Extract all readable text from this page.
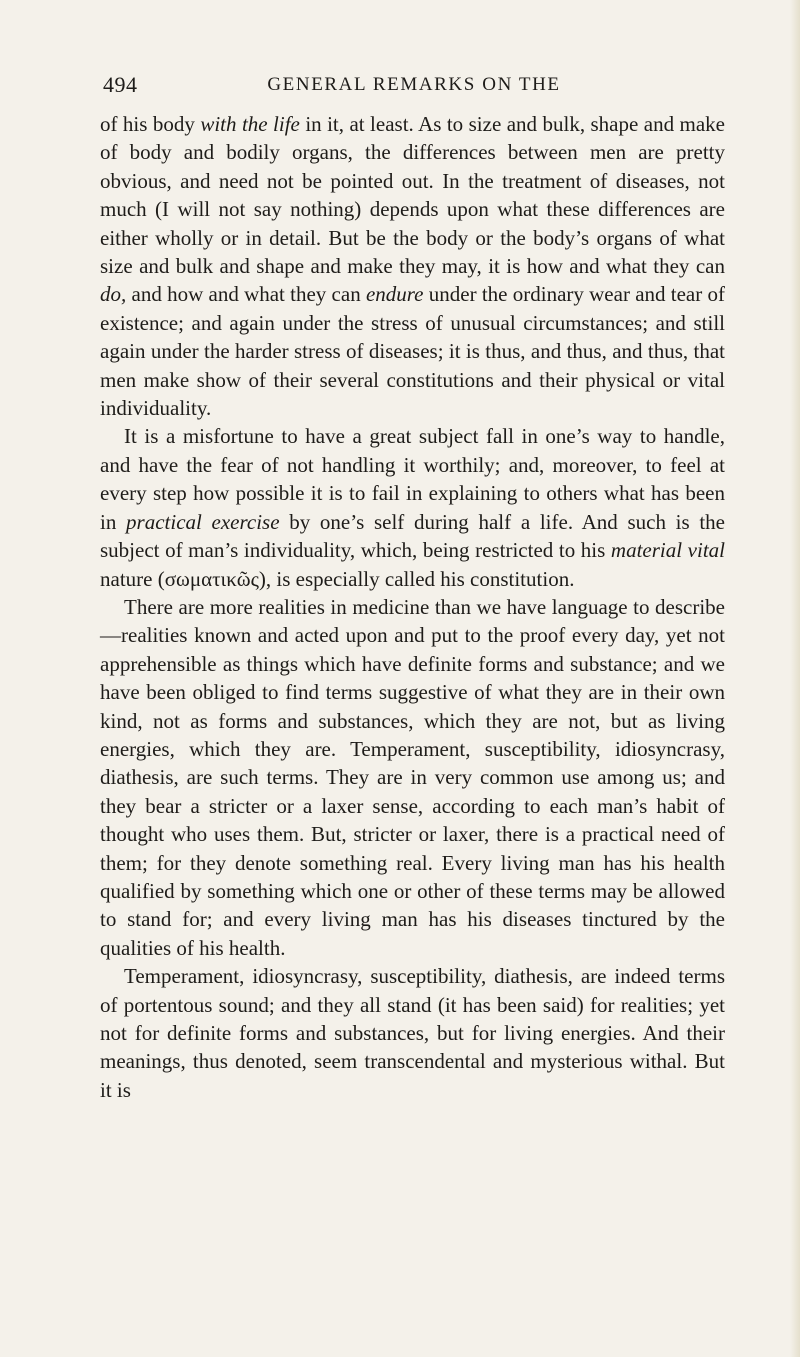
494	GENERAL REMARKS ON THE

of his body with the life in it, at least. As to size and bulk, shape and make of body and bodily organs, the differences between men are pretty obvious, and need not be pointed out. In the treatment of diseases, not much (I will not say nothing) depends upon what these differences are either wholly or in detail. But be the body or the body’s organs of what size and bulk and shape and make they may, it is how and what they can do, and how and what they can endure under the ordinary wear and tear of existence; and again under the stress of unusual circumstances; and still again under the harder stress of diseases; it is thus, and thus, and thus, that men make show of their several constitutions and their physical or vital individuality.

It is a misfortune to have a great subject fall in one’s way to handle, and have the fear of not handling it worthily; and, moreover, to feel at every step how possible it is to fail in explaining to others what has been in practical exercise by one’s self during half a life. And such is the subject of man’s individuality, which, being restricted to his material vital nature (σωματικῶς), is especially called his constitution.

There are more realities in medicine than we have language to describe—realities known and acted upon and put to the proof every day, yet not apprehensible as things which have definite forms and substance; and we have been obliged to find terms suggestive of what they are in their own kind, not as forms and substances, which they are not, but as living energies, which they are. Temperament, susceptibility, idiosyncrasy, diathesis, are such terms. They are in very common use among us; and they bear a stricter or a laxer sense, according to each man’s habit of thought who uses them. But, stricter or laxer, there is a practical need of them; for they denote something real. Every living man has his health qualified by something which one or other of these terms may be allowed to stand for; and every living man has his diseases tinctured by the qualities of his health.

Temperament, idiosyncrasy, susceptibility, diathesis, are indeed terms of portentous sound; and they all stand (it has been said) for realities; yet not for definite forms and substances, but for living energies. And their meanings, thus denoted, seem transcendental and mysterious withal. But it is
